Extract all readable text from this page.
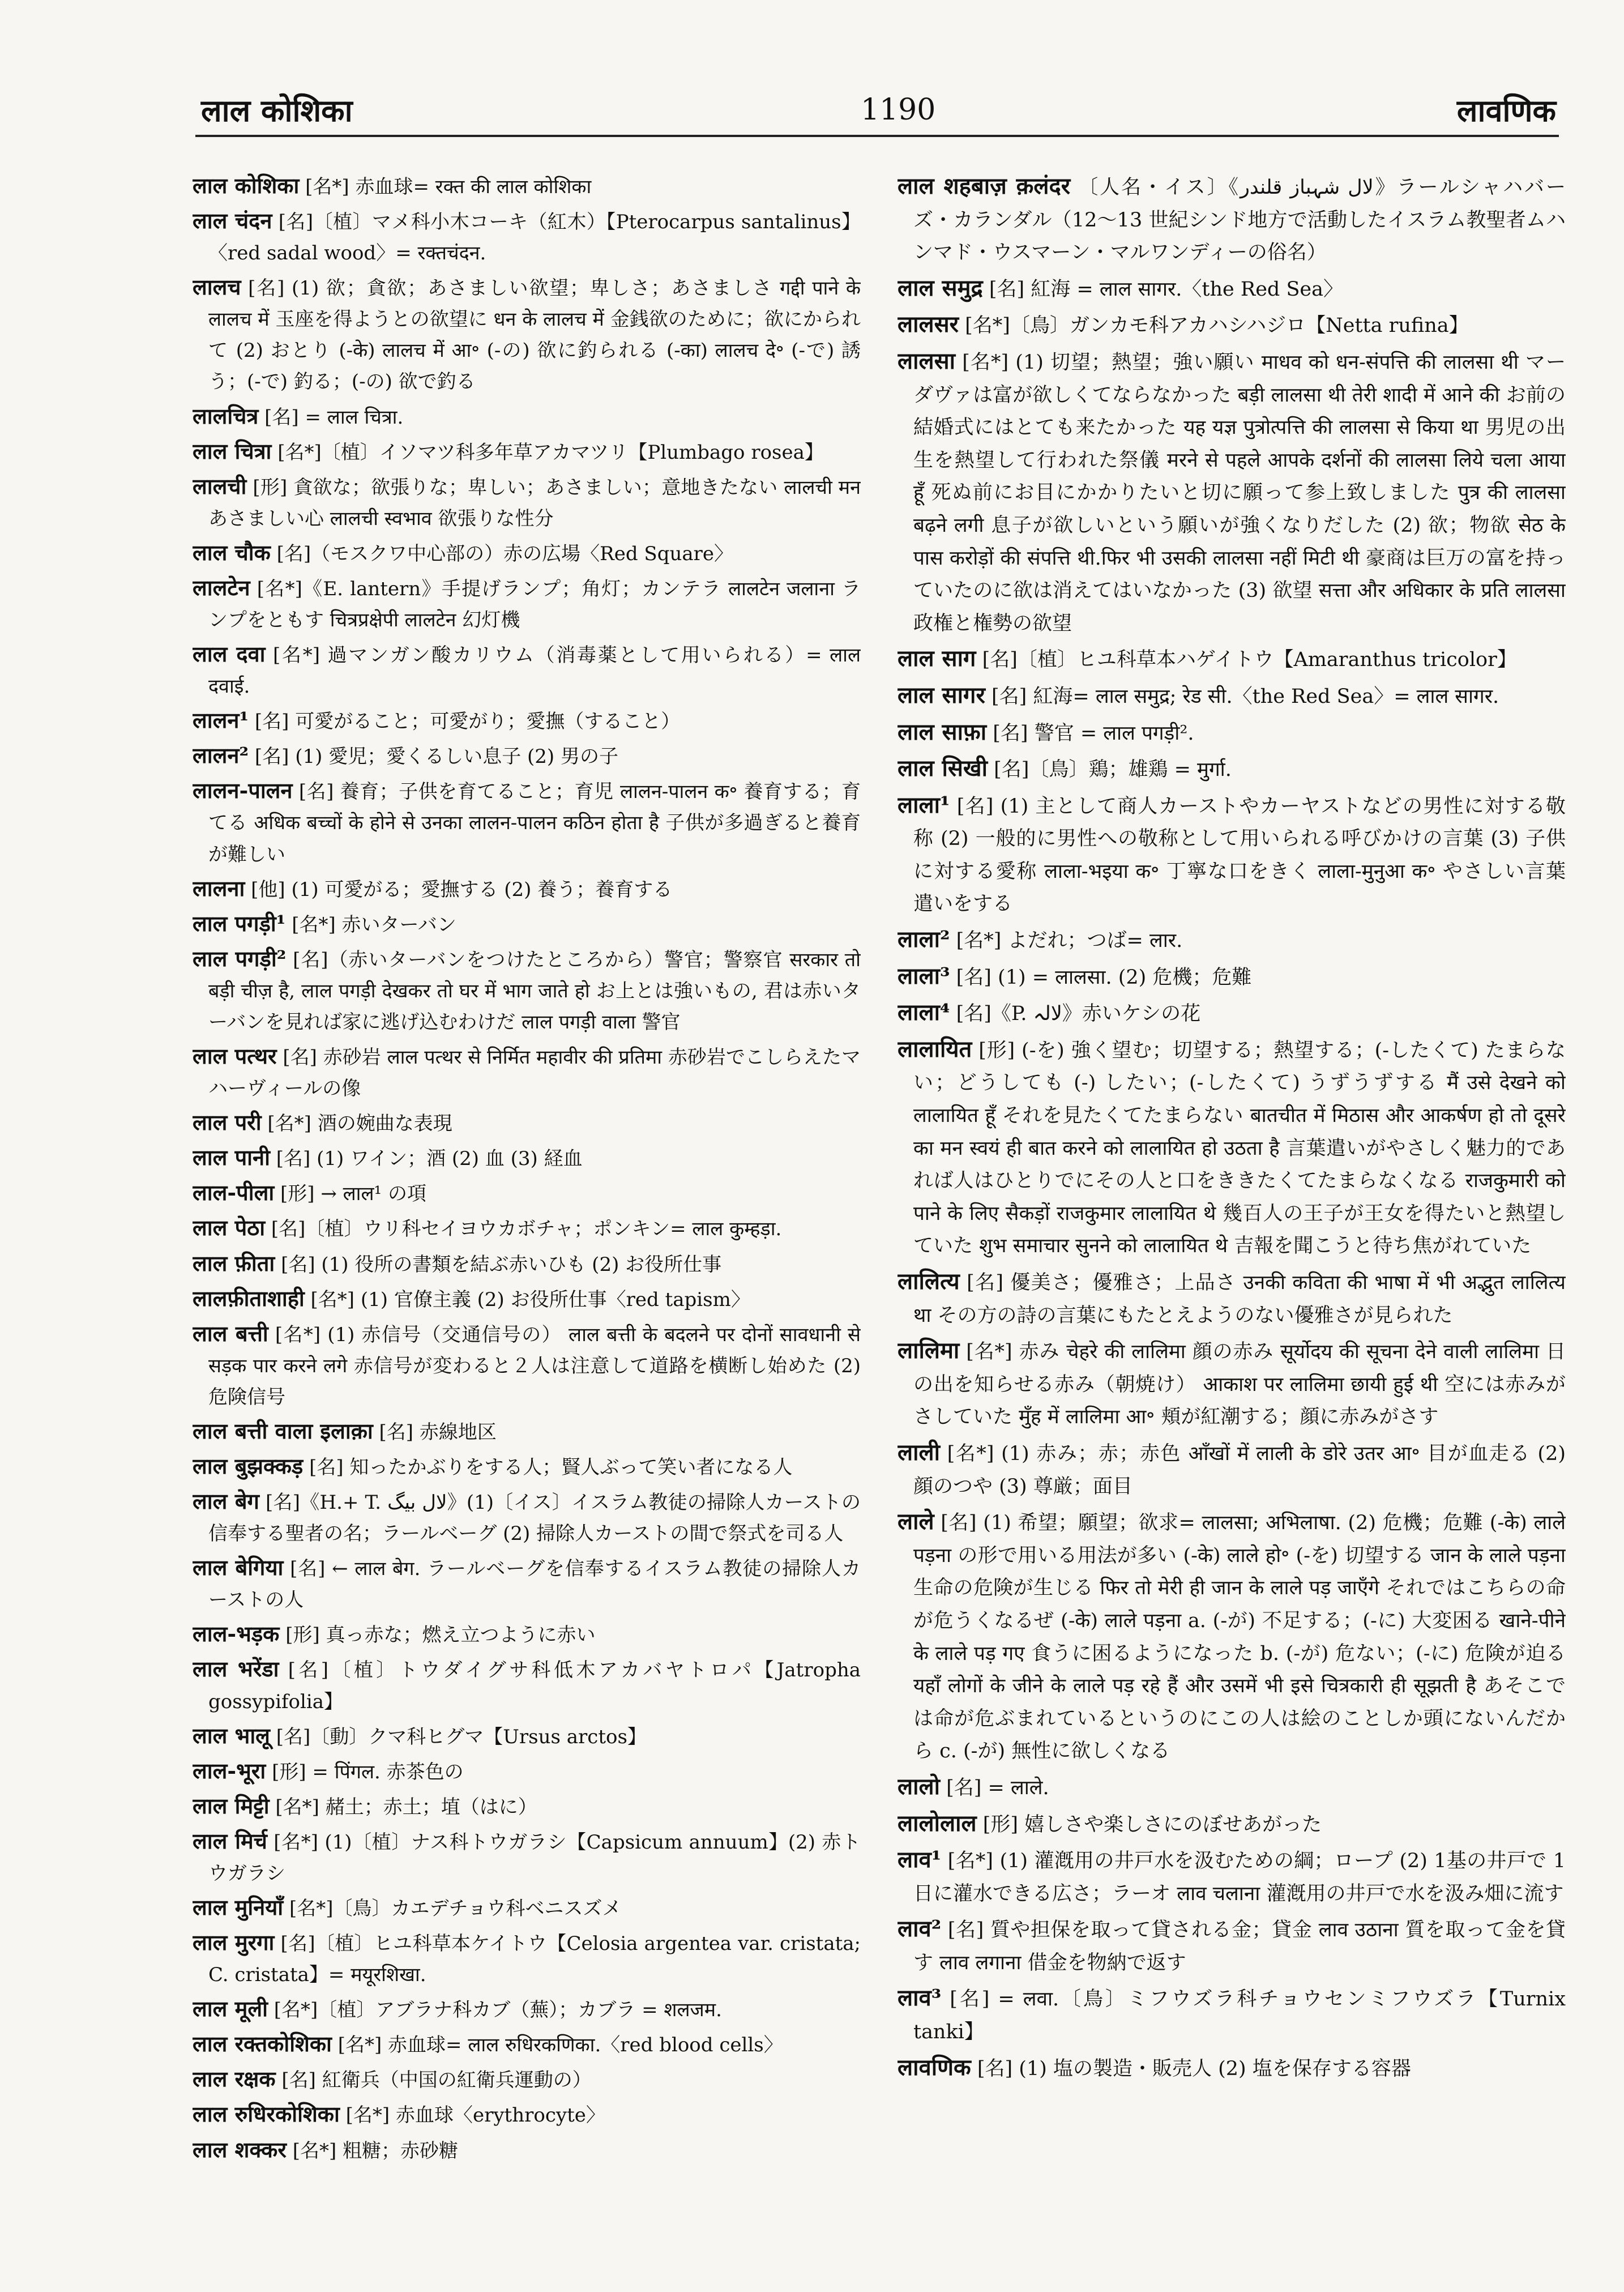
लाल कोशिका	1190	लावणिक
लाल कोशिका [名*] 赤血球= रक्त की लाल कोशिका
लाल चंदन [名]〔植〕マメ科小木コーキ（紅木）【Pterocarpus santalinus】〈red sadal wood〉= रक्तचंदन.
लालच [名] (1) 欲；貪欲；あさましい欲望；卑しさ；あさましさ गद्दी पाने के लालच में 玉座を得ようとの欲望に धन के लालच में 金銭欲のために；欲にかられて (2) おとり (-के) लालच में आ॰ (-の) 欲に釣られる (-का) लालच दे॰ (-で) 誘う；(-で) 釣る；(-の) 欲で釣る
लालचित्र [名] = लाल चित्रा.
लाल चित्रा [名*]〔植〕イソマツ科多年草アカマツリ【Plumbago rosea】
लालची [形] 貪欲な；欲張りな；卑しい；あさましい；意地きたない लालची मन あさましい心 लालची स्वभाव 欲張りな性分
लाल चौक [名]（モスクワ中心部の）赤の広場〈Red Square〉
लालटेन [名*]《E. lantern》手提げランプ；角灯；カンテラ लालटेन जलाना ランプをともす चित्रप्रक्षेपी लालटेन 幻灯機
लाल दवा [名*] 過マンガン酸カリウム（消毒薬として用いられる）= लाल दवाई.
लालन¹ [名] 可愛がること；可愛がり；愛撫（すること）
लालन² [名] (1) 愛児；愛くるしい息子 (2) 男の子
लालन-पालन [名] 養育；子供を育てること；育児 लालन-पालन क॰ 養育する；育てる अधिक बच्चों के होने से उनका लालन-पालन कठिन होता है 子供が多過ぎると養育が難しい
लालना [他] (1) 可愛がる；愛撫する (2) 養う；養育する
लाल पगड़ी¹ [名*] 赤いターバン
लाल पगड़ी² [名]（赤いターバンをつけたところから）警官；警察官 सरकार तो बड़ी चीज़ है, लाल पगड़ी देखकर तो घर में भाग जाते हो お上とは強いもの, 君は赤いターバンを見れば家に逃げ込むわけだ लाल पगड़ी वाला 警官
लाल पत्थर [名] 赤砂岩 लाल पत्थर से निर्मित महावीर की प्रतिमा 赤砂岩でこしらえたマハーヴィールの像
लाल परी [名*] 酒の婉曲な表現
लाल पानी [名] (1) ワイン；酒 (2) 血 (3) 経血
लाल-पीला [形] → लाल¹ の項
लाल पेठा [名]〔植〕ウリ科セイヨウカボチャ；ポンキン= लाल कुम्हड़ा.
लाल फ़ीता [名] (1) 役所の書類を結ぶ赤いひも (2) お役所仕事
लालफ़ीताशाही [名*] (1) 官僚主義 (2) お役所仕事〈red tapism〉
लाल बत्ती [名*] (1) 赤信号（交通信号の） लाल बत्ती के बदलने पर दोनों सावधानी से सड़क पार करने लगे 赤信号が変わると２人は注意して道路を横断し始めた (2) 危険信号
लाल बत्ती वाला इलाक़ा [名] 赤線地区
लाल बुझक्कड़ [名] 知ったかぶりをする人；賢人ぶって笑い者になる人
लाल बेग [名]《H.+ T. لال بیگ》(1)〔イス〕イスラム教徒の掃除人カーストの信奉する聖者の名；ラールベーグ (2) 掃除人カーストの間で祭式を司る人
लाल बेगिया [名] ← लाल बेग. ラールベーグを信奉するイスラム教徒の掃除人カーストの人
लाल-भड़क [形] 真っ赤な；燃え立つように赤い
लाल भरेंडा [名]〔植〕トウダイグサ科低木アカバヤトロパ【Jatropha gossypifolia】
लाल भालू [名]〔動〕クマ科ヒグマ【Ursus arctos】
लाल-भूरा [形] = पिंगल. 赤茶色の
लाल मिट्टी [名*] 赭土；赤土；埴（はに）
लाल मिर्च [名*] (1)〔植〕ナス科トウガラシ【Capsicum annuum】(2) 赤トウガラシ
लाल मुनियाँ [名*]〔鳥〕カエデチョウ科ベニスズメ
लाल मुरगा [名]〔植〕ヒユ科草本ケイトウ【Celosia argentea var. cristata; C. cristata】= मयूरशिखा.
लाल मूली [名*]〔植〕アブラナ科カブ（蕪）；カブラ = शलजम.
लाल रक्तकोशिका [名*] 赤血球= लाल रुधिरकणिका.〈red blood cells〉
लाल रक्षक [名] 紅衛兵（中国の紅衛兵運動の）
लाल रुधिरकोशिका [名*] 赤血球〈erythrocyte〉
लाल शक्कर [名*] 粗糖；赤砂糖
लाल शहबाज़ क़लंदर 〔人名・イス〕《لال شہباز قلندر》ラールシャハバーズ・カランダル（12〜13 世紀シンド地方で活動したイスラム教聖者ムハンマド・ウスマーン・マルワンディーの俗名）
लाल समुद्र [名] 紅海 = लाल सागर.〈the Red Sea〉
लालसर [名*]〔鳥〕ガンカモ科アカハシハジロ【Netta rufina】
लालसा [名*] (1) 切望；熱望；強い願い माधव को धन-संपत्ति की लालसा थी マーダヴァは富が欲しくてならなかった बड़ी लालसा थी तेरी शादी में आने की お前の結婚式にはとても来たかった यह यज्ञ पुत्रोत्पत्ति की लालसा से किया था 男児の出生を熱望して行われた祭儀 मरने से पहले आपके दर्शनों की लालसा लिये चला आया हूँ 死ぬ前にお目にかかりたいと切に願って参上致しました पुत्र की लालसा बढ़ने लगी 息子が欲しいという願いが強くなりだした (2) 欲；物欲 सेठ के पास करोड़ों की संपत्ति थी.फिर भी उसकी लालसा नहीं मिटी थी 豪商は巨万の富を持っていたのに欲は消えてはいなかった (3) 欲望 सत्ता और अधिकार के प्रति लालसा 政権と権勢の欲望
लाल साग [名]〔植〕ヒユ科草本ハゲイトウ【Amaranthus tricolor】
लाल सागर [名] 紅海= लाल समुद्र; रेड सी.〈the Red Sea〉= लाल सागर.
लाल साफ़ा [名] 警官 = लाल पगड़ी².
लाल सिखी [名]〔鳥〕鶏；雄鶏 = मुर्गा.
लाला¹ [名] (1) 主として商人カーストやカーヤストなどの男性に対する敬称 (2) 一般的に男性への敬称として用いられる呼びかけの言葉 (3) 子供に対する愛称 लाला-भइया क॰ 丁寧な口をきく लाला-मुनुआ क॰ やさしい言葉遣いをする
लाला² [名*] よだれ；つば= लार.
लाला³ [名] (1) = लालसा. (2) 危機；危難
लाला⁴ [名]《P. لالہ》赤いケシの花
लालायित [形] (-を) 強く望む；切望する；熱望する；(-したくて) たまらない；どうしても (-) したい；(-したくて) うずうずする मैं उसे देखने को लालायित हूँ それを見たくてたまらない बातचीत में मिठास और आकर्षण हो तो दूसरे का मन स्वयं ही बात करने को लालायित हो उठता है 言葉遣いがやさしく魅力的であれば人はひとりでにその人と口をききたくてたまらなくなる राजकुमारी को पाने के लिए सैकड़ों राजकुमार लालायित थे 幾百人の王子が王女を得たいと熱望していた शुभ समाचार सुनने को लालायित थे 吉報を聞こうと待ち焦がれていた
लालित्य [名] 優美さ；優雅さ；上品さ उनकी कविता की भाषा में भी अद्भुत लालित्य था その方の詩の言葉にもたとえようのない優雅さが見られた
लालिमा [名*] 赤み चेहरे की लालिमा 顔の赤み सूर्योदय की सूचना देने वाली लालिमा 日の出を知らせる赤み（朝焼け） आकाश पर लालिमा छायी हुई थी 空には赤みがさしていた मुँह में लालिमा आ॰ 頬が紅潮する；顔に赤みがさす
लाली [名*] (1) 赤み；赤；赤色 आँखों में लाली के डोरे उतर आ॰ 目が血走る (2) 顔のつや (3) 尊厳；面目
लाले [名] (1) 希望；願望；欲求= लालसा; अभिलाषा. (2) 危機；危難 (-के) लाले पड़ना の形で用いる用法が多い (-के) लाले हो॰ (-を) 切望する जान के लाले पड़ना 生命の危険が生じる फिर तो मेरी ही जान के लाले पड़ जाएँगे それではこちらの命が危うくなるぜ (-के) लाले पड़ना a. (-が) 不足する；(-に) 大変困る खाने-पीने के लाले पड़ गए 食うに困るようになった b. (-が) 危ない；(-に) 危険が迫る यहाँ लोगों के जीने के लाले पड़ रहे हैं और उसमें भी इसे चित्रकारी ही सूझती है あそこでは命が危ぶまれているというのにこの人は絵のことしか頭にないんだから c. (-が) 無性に欲しくなる
लालो [名] = लाले.
लालोलाल [形] 嬉しさや楽しさにのぼせあがった
लाव¹ [名*] (1) 灌漑用の井戸水を汲むための綱；ロープ (2) 1基の井戸で 1 日に灌水できる広さ；ラーオ लाव चलाना 灌漑用の井戸で水を汲み畑に流す
लाव² [名] 質や担保を取って貸される金；貸金 लाव उठाना 質を取って金を貸す लाव लगाना 借金を物納で返す
लाव³ [名] = लवा.〔鳥〕ミフウズラ科チョウセンミフウズラ【Turnix tanki】
लावणिक [名] (1) 塩の製造・販売人 (2) 塩を保存する容器
